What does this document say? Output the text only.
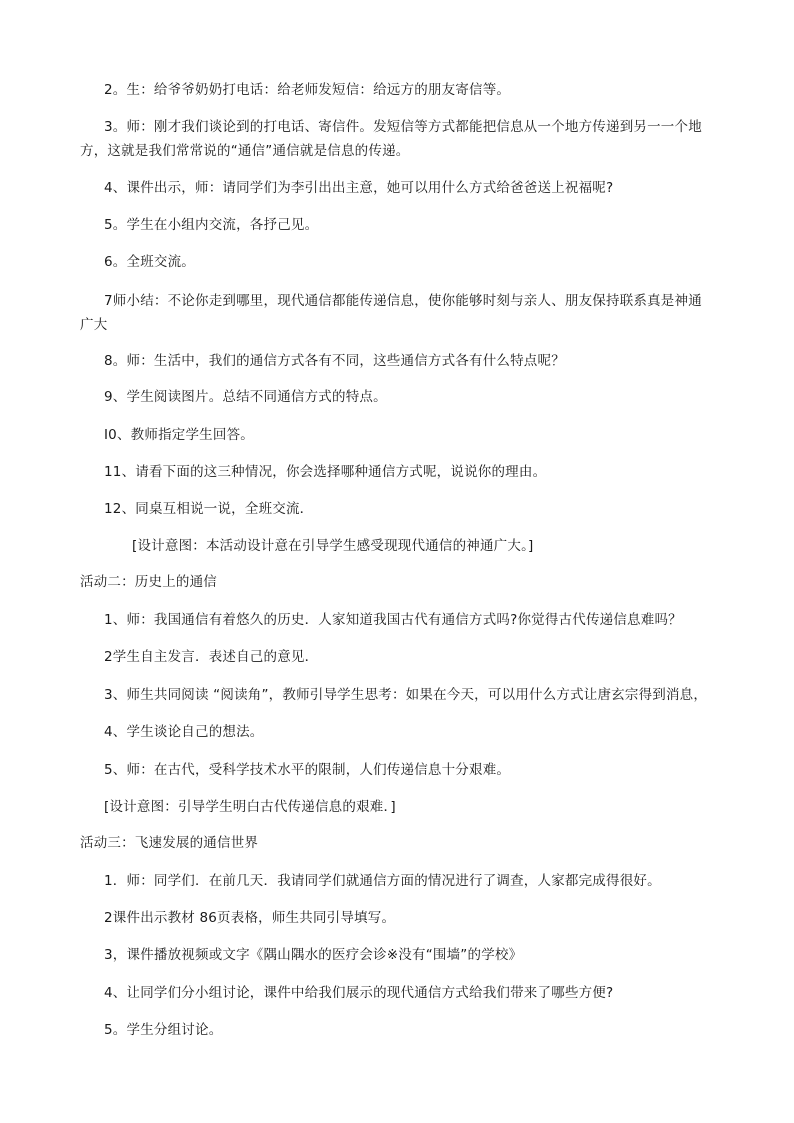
2。生：给爷爷奶奶打电话：给老师发短信：给远方的朋友寄信等。
3。师：刚才我们谈论到的打电话、寄信件。发短信等方式都能把信息从一个地方传递到另一一个地
方，这就是我们常常说的“通信”通信就是信息的传递。
4、课件出示，师：请同学们为李引出出主意，她可以用什么方式给爸爸送上祝福呢?
5。学生在小组内交流，各抒己见。
6。全班交流。
7师小结：不论你走到哪里，现代通信都能传递信息，使你能够时刻与亲人、朋友保持联系真是神通
广大
8。师：生活中，我们的通信方式各有不同，这些通信方式各有什么特点呢？
9、学生阅读图片。总结不同通信方式的特点。
I0、教师指定学生回答。
11、请看下面的这三种情况，你会选择哪种通信方式呢，说说你的理由。
12、同桌互相说一说，全班交流．
[设计意图：本活动设计意在引导学生感受现现代通信的神通广大。]
活动二：历史上的通信
1、师：我国通信有着悠久的历史．人家知道我国古代有通信方式吗?你觉得古代传递信息难吗？
2学生自主发言．表述自己的意见．
3、师生共同阅读 “阅读角”，教师引导学生思考：如果在今天，可以用什么方式让唐玄宗得到消息，
4、学生谈论自己的想法。
5、师：在古代，受科学技术水平的限制，人们传递信息十分艰难。
[设计意图：引导学生明白古代传递信息的艰难．]
活动三：飞速发展的通信世界
1．师：同学们．在前几天．我请同学们就通信方面的情况进行了调查，人家都完成得很好。
2课件出示教材 86页表格，师生共同引导填写。
3，课件播放视频或文字《隅山隅水的医疗会诊※没有“围墙”的学校》
4、让同学们分小组讨论，课件中给我们展示的现代通信方式给我们带来了哪些方便?
5。学生分组讨论。
